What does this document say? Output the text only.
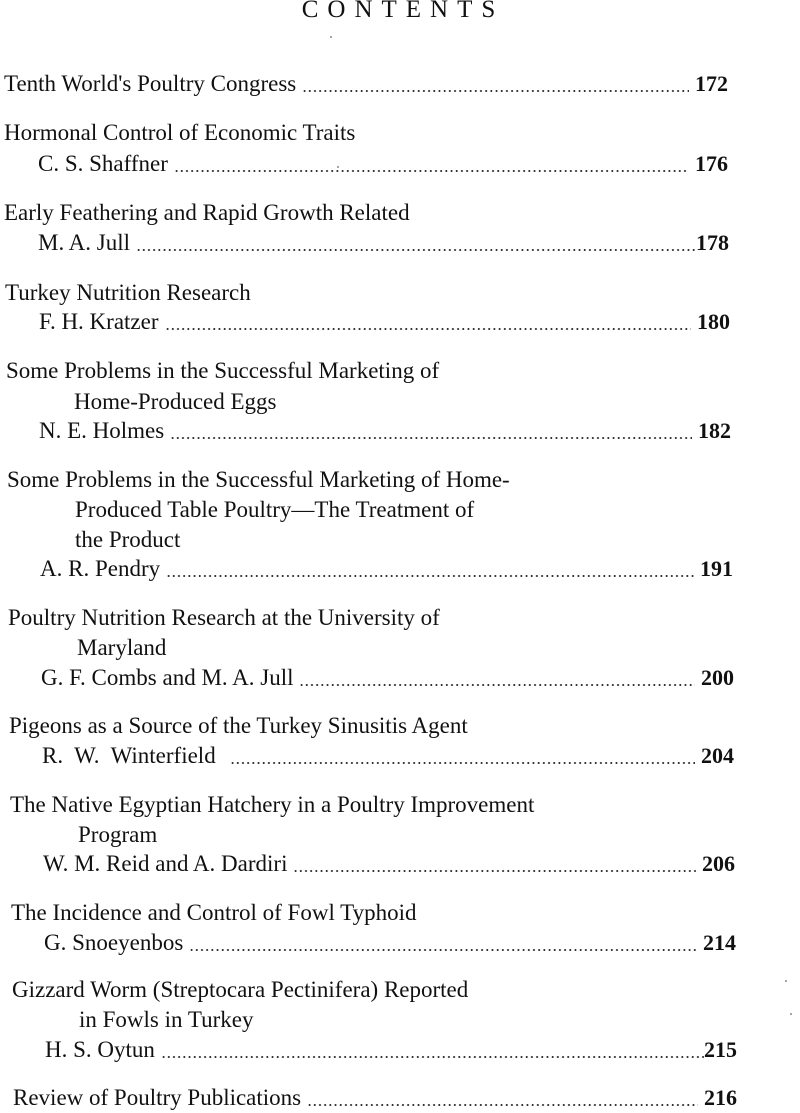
CONTENTS
Tenth World's Poultry Congress	172
Hormonal Control of Economic Traits
C. S. Shaffner	176
Early Feathering and Rapid Growth Related
M. A. Jull	178
Turkey Nutrition Research
F. H. Kratzer	180
Some Problems in the Successful Marketing of
Home-Produced Eggs
N. E. Holmes	182
Some Problems in the Successful Marketing of Home-
Produced Table Poultry—The Treatment of
the Product
A. R. Pendry	191
Poultry Nutrition Research at the University of
Maryland
G. F. Combs and M. A. Jull	200
Pigeons as a Source of the Turkey Sinusitis Agent
R.  W.  Winterfield	204
The Native Egyptian Hatchery in a Poultry Improvement
Program
W. M. Reid and A. Dardiri	206
The Incidence and Control of Fowl Typhoid
G. Snoeyenbos	214
Gizzard Worm (Streptocara Pectinifera) Reported
in Fowls in Turkey
H. S. Oytun	215
Review of Poultry Publications	216
